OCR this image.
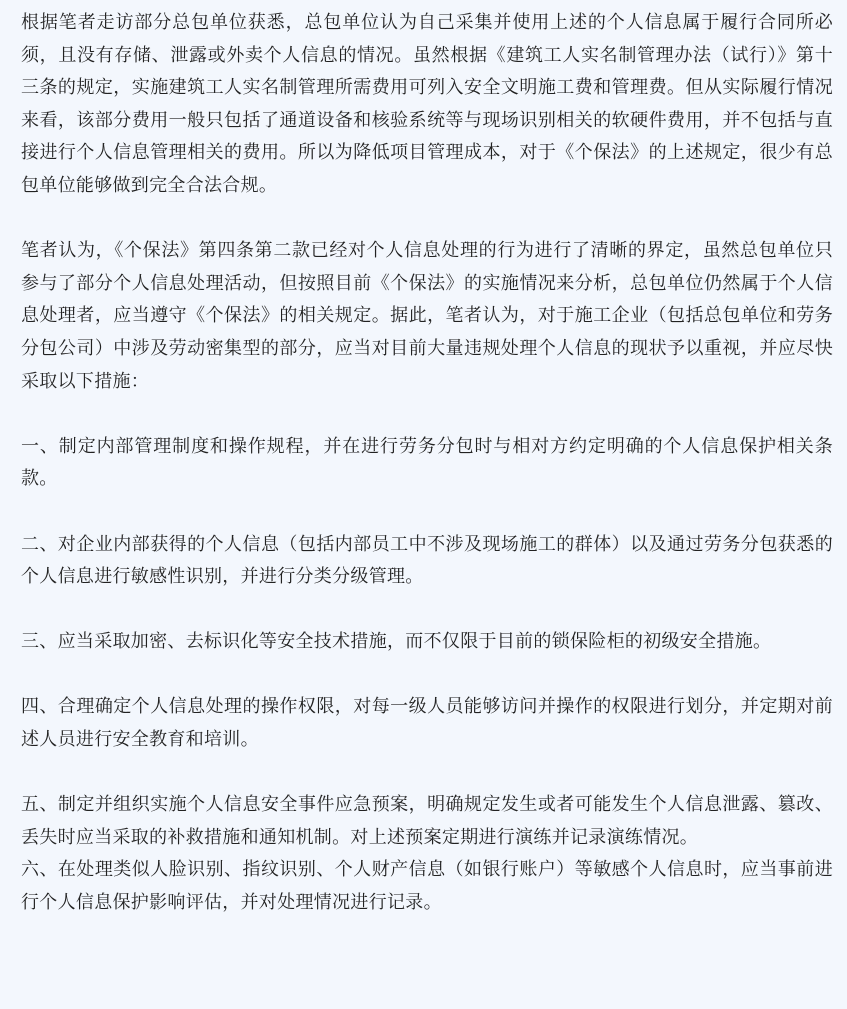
根据笔者走访部分总包单位获悉，总包单位认为自己采集并使用上述的个人信息属于履行合同所必须，且没有存储、泄露或外卖个人信息的情况。虽然根据《建筑工人实名制管理办法（试行）》第十三条的规定，实施建筑工人实名制管理所需费用可列入安全文明施工费和管理费。但从实际履行情况来看，该部分费用一般只包括了通道设备和核验系统等与现场识别相关的软硬件费用，并不包括与直接进行个人信息管理相关的费用。所以为降低项目管理成本，对于《个保法》的上述规定，很少有总包单位能够做到完全合法合规。

笔者认为，《个保法》第四条第二款已经对个人信息处理的行为进行了清晰的界定，虽然总包单位只参与了部分个人信息处理活动，但按照目前《个保法》的实施情况来分析，总包单位仍然属于个人信息处理者，应当遵守《个保法》的相关规定。据此，笔者认为，对于施工企业（包括总包单位和劳务分包公司）中涉及劳动密集型的部分，应当对目前大量违规处理个人信息的现状予以重视，并应尽快采取以下措施：

一、制定内部管理制度和操作规程，并在进行劳务分包时与相对方约定明确的个人信息保护相关条款。

二、对企业内部获得的个人信息（包括内部员工中不涉及现场施工的群体）以及通过劳务分包获悉的个人信息进行敏感性识别，并进行分类分级管理。

三、应当采取加密、去标识化等安全技术措施，而不仅限于目前的锁保险柜的初级安全措施。

四、合理确定个人信息处理的操作权限，对每一级人员能够访问并操作的权限进行划分，并定期对前述人员进行安全教育和培训。

五、制定并组织实施个人信息安全事件应急预案，明确规定发生或者可能发生个人信息泄露、篡改、丢失时应当采取的补救措施和通知机制。对上述预案定期进行演练并记录演练情况。

六、在处理类似人脸识别、指纹识别、个人财产信息（如银行账户）等敏感个人信息时，应当事前进行个人信息保护影响评估，并对处理情况进行记录。
